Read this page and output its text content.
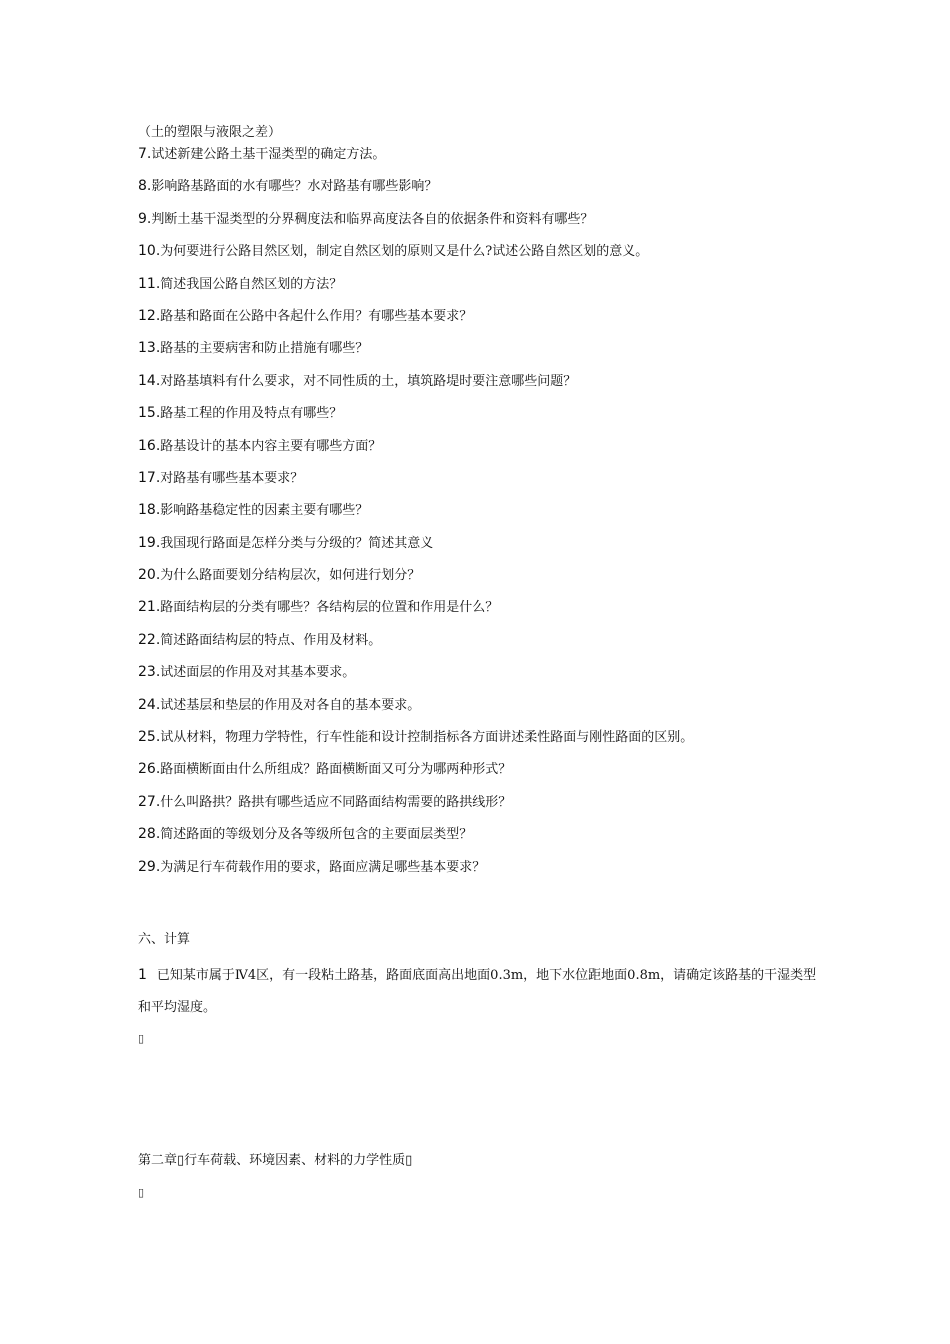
（土的塑限与液限之差）
7.试述新建公路土基干湿类型的确定方法。
8.影响路基路面的水有哪些？水对路基有哪些影响？
9.判断土基干湿类型的分界稠度法和临界高度法各自的依据条件和资料有哪些？
10.为何要进行公路目然区划，制定自然区划的原则又是什么?试述公路自然区划的意义。
11.简述我国公路自然区划的方法？
12.路基和路面在公路中各起什么作用？有哪些基本要求？
13.路基的主要病害和防止措施有哪些？
14.对路基填料有什么要求，对不同性质的土，填筑路堤时要注意哪些问题？
15.路基工程的作用及特点有哪些？
16.路基设计的基本内容主要有哪些方面？
17.对路基有哪些基本要求？
18.影响路基稳定性的因素主要有哪些？
19.我国现行路面是怎样分类与分级的？简述其意义
20.为什么路面要划分结构层次，如何进行划分？
21.路面结构层的分类有哪些？各结构层的位置和作用是什么？
22.简述路面结构层的特点、作用及材料。
23.试述面层的作用及对其基本要求。
24.试述基层和垫层的作用及对各自的基本要求。
25.试从材料，物理力学特性，行车性能和设计控制指标各方面讲述柔性路面与刚性路面的区别。
26.路面横断面由什么所组成？路面横断面又可分为哪两种形式？
27.什么叫路拱？路拱有哪些适应不同路面结构需要的路拱线形？
28.简述路面的等级划分及各等级所包含的主要面层类型？
29.为满足行车荷载作用的要求，路面应满足哪些基本要求？
六、计算
1 已知某市属于Ⅳ4区，有一段粘土路基，路面底面高出地面0.3m，地下水位距地面0.8m，请确定该路基的干湿类型和平均湿度。
▯
第二章▯行车荷载、环境因素、材料的力学性质▯
▯
